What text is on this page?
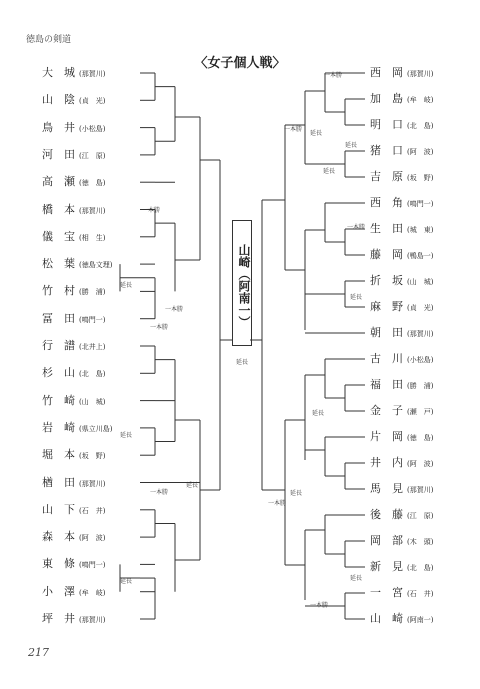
徳島の剣道
〈女子個人戦〉
山崎（阿南一）
大　城 (那賀川)
山　陰 (貞　光)
鳥　井 (小松島)
河　田 (江　原)
高　瀬 (徳　島)
橋　本 (那賀川)
儀　宝 (相　生)
松　葉 (徳島文理)
竹　村 (勝　浦)
冨　田 (鳴門一)
行　譜 (北井上)
杉　山 (北　島)
竹　崎 (山　城)
岩　崎 (県立川島)
堀　本 (坂　野)
楢　田 (那賀川)
山　下 (石　井)
森　本 (阿　波)
東　條 (鳴門一)
小　澤 (牟　岐)
坪　井 (那賀川)
西　岡 (那賀川)
加　島 (牟　岐)
明　口 (北　島)
猪　口 (阿　波)
吉　原 (坂　野)
西　角 (鳴門一)
生　田 (城　東)
藤　岡 (鴨島一)
折　坂 (山　城)
麻　野 (貞　光)
朝　田 (那賀川)
古　川 (小松島)
福　田 (勝　浦)
金　子 (瀬　戸)
片　岡 (徳　島)
井　内 (阿　波)
馬　見 (那賀川)
後　藤 (江　原)
岡　部 (木　頭)
新　見 (北　島)
一　宮 (石　井)
山　崎 (阿南一)
延長
延長
延長
延長
延長
延長
延長
延長
延長
延長
延長
延長
一本勝
一本勝
一本勝
一本勝
一本勝
一本勝
一本勝
一本勝
一本勝
217
